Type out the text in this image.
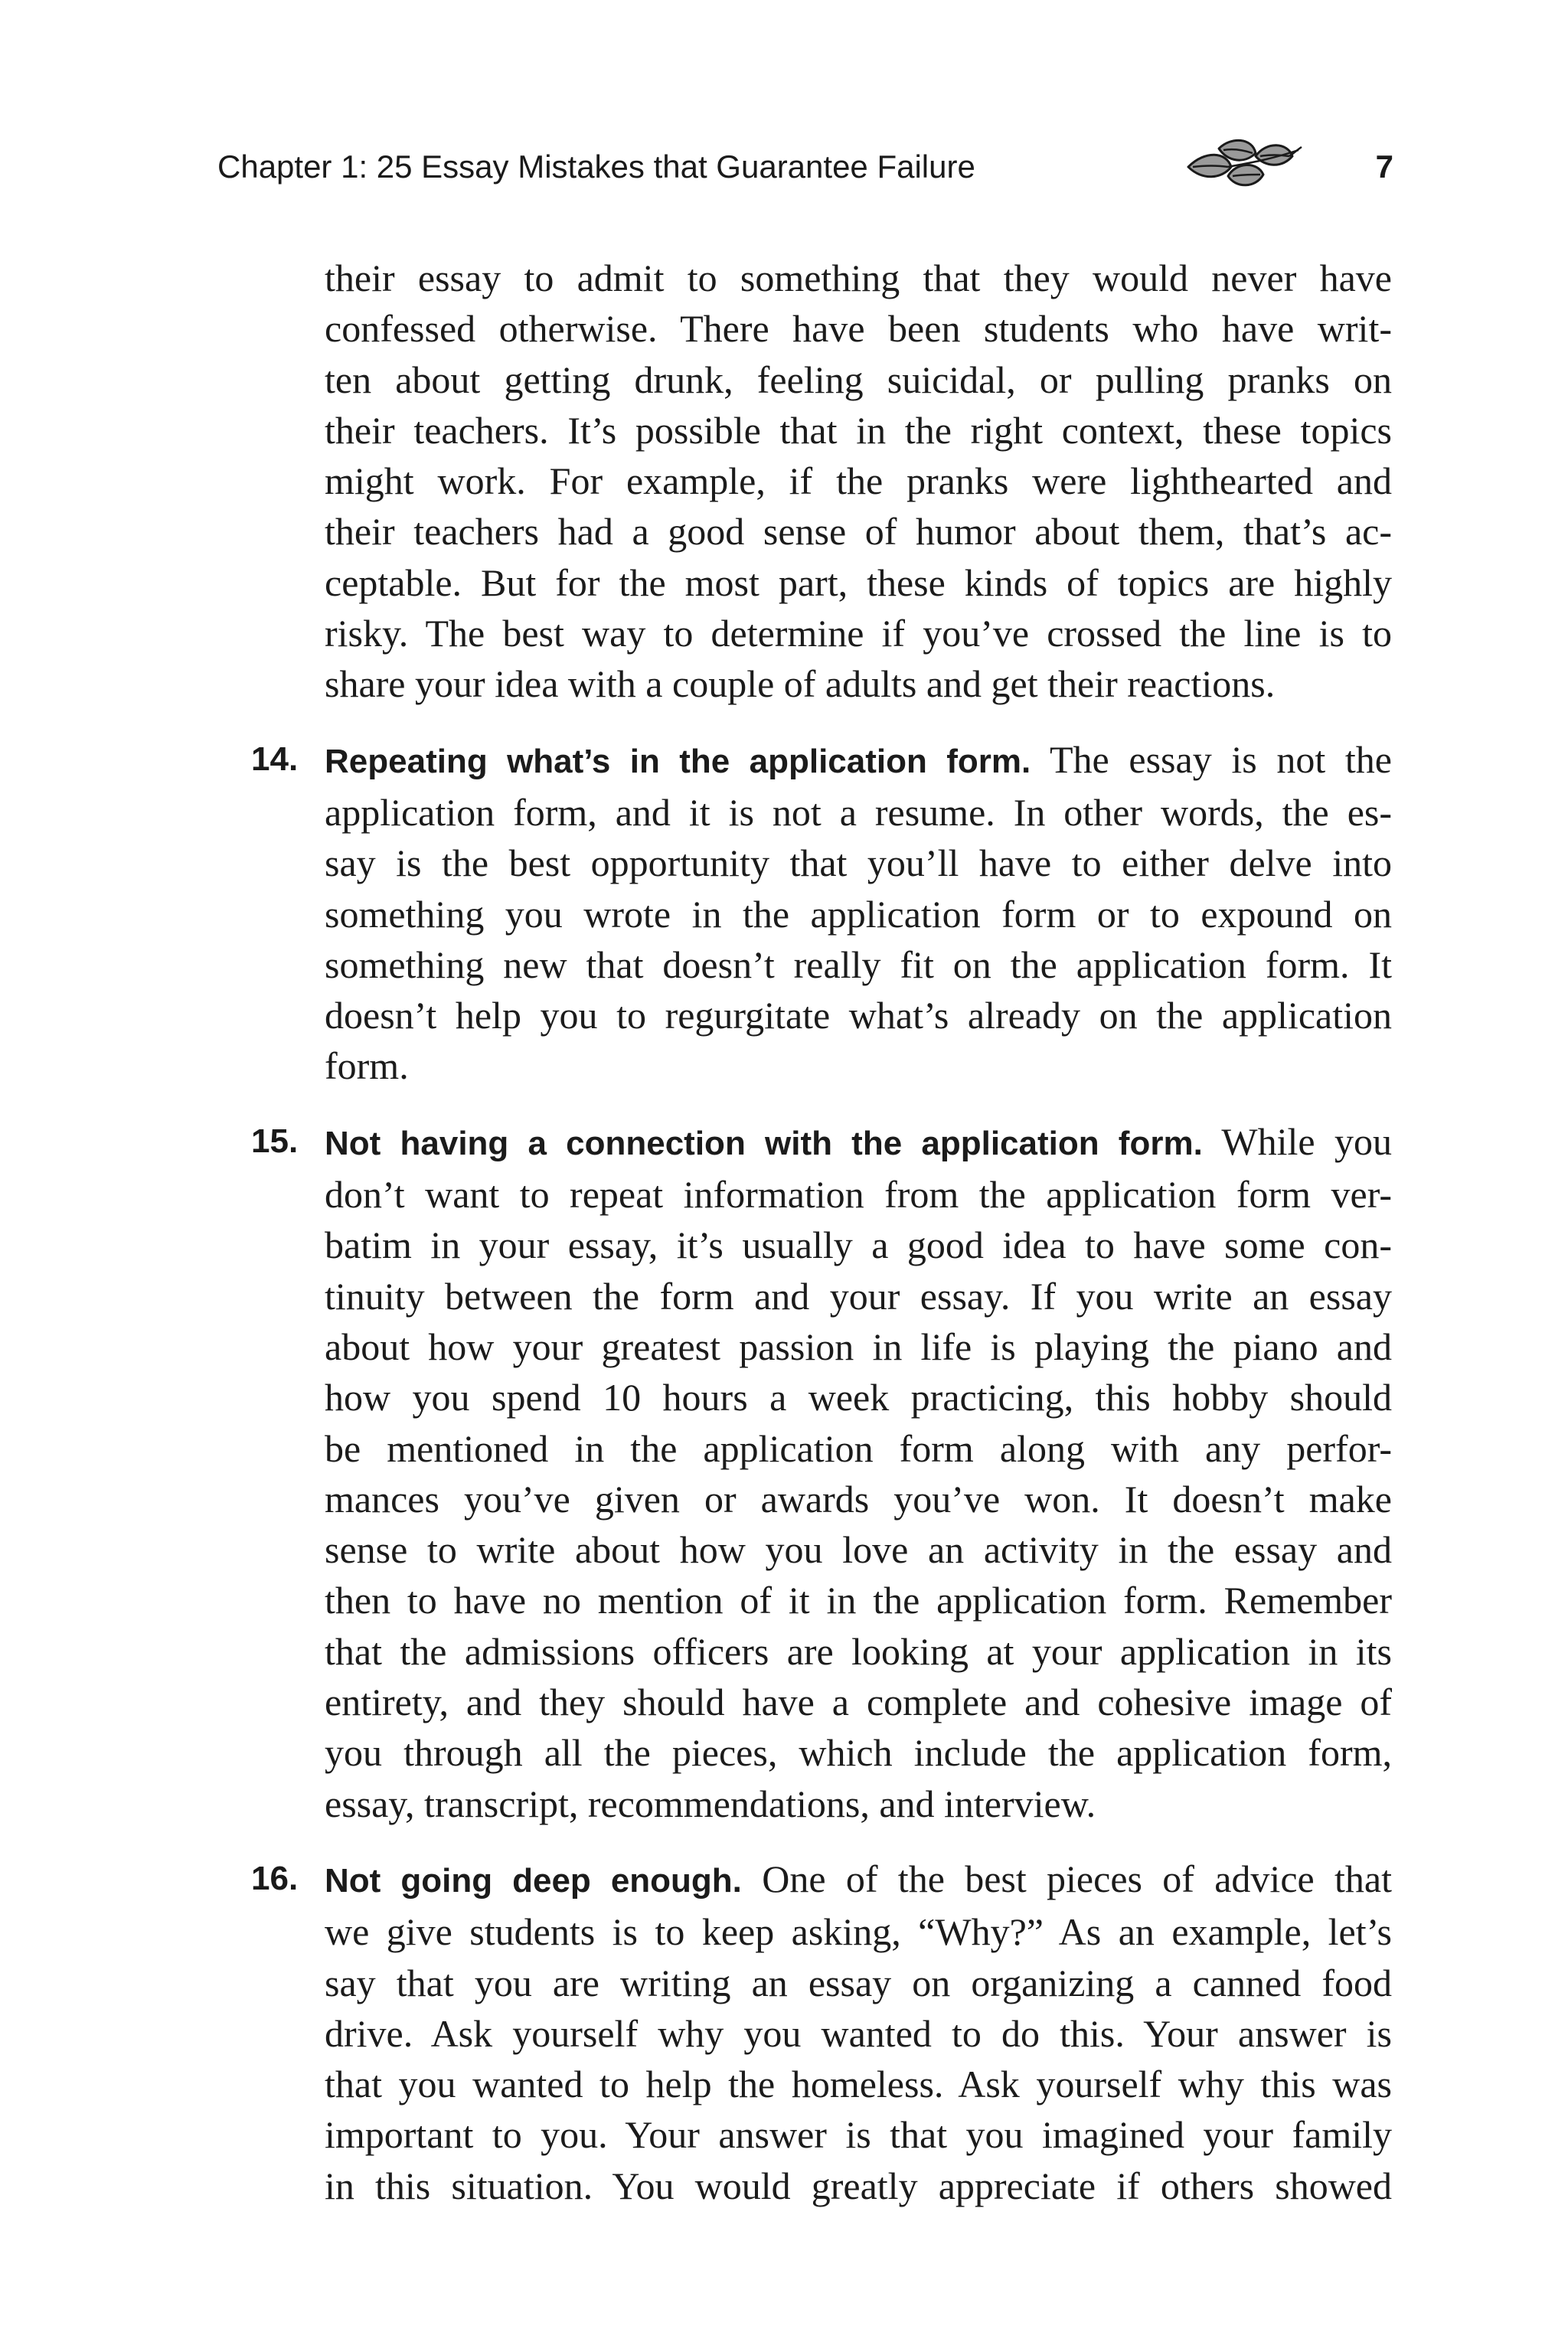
Chapter 1: 25 Essay Mistakes that Guarantee Failure	7

their essay to admit to something that they would never have
confessed otherwise. There have been students who have writ-
ten about getting drunk, feeling suicidal, or pulling pranks on
their teachers. It’s possible that in the right context, these topics
might work. For example, if the pranks were lighthearted and
their teachers had a good sense of humor about them, that’s ac-
ceptable. But for the most part, these kinds of topics are highly
risky. The best way to determine if you’ve crossed the line is to
share your idea with a couple of adults and get their reactions.

14. Repeating what’s in the application form. The essay is not the
application form, and it is not a resume. In other words, the es-
say is the best opportunity that you’ll have to either delve into
something you wrote in the application form or to expound on
something new that doesn’t really fit on the application form. It
doesn’t help you to regurgitate what’s already on the application
form.

15. Not having a connection with the application form. While you
don’t want to repeat information from the application form ver-
batim in your essay, it’s usually a good idea to have some con-
tinuity between the form and your essay. If you write an essay
about how your greatest passion in life is playing the piano and
how you spend 10 hours a week practicing, this hobby should
be mentioned in the application form along with any perfor-
mances you’ve given or awards you’ve won. It doesn’t make
sense to write about how you love an activity in the essay and
then to have no mention of it in the application form. Remember
that the admissions officers are looking at your application in its
entirety, and they should have a complete and cohesive image of
you through all the pieces, which include the application form,
essay, transcript, recommendations, and interview.

16. Not going deep enough. One of the best pieces of advice that
we give students is to keep asking, “Why?” As an example, let’s
say that you are writing an essay on organizing a canned food
drive. Ask yourself why you wanted to do this. Your answer is
that you wanted to help the homeless. Ask yourself why this was
important to you. Your answer is that you imagined your family
in this situation. You would greatly appreciate if others showed
